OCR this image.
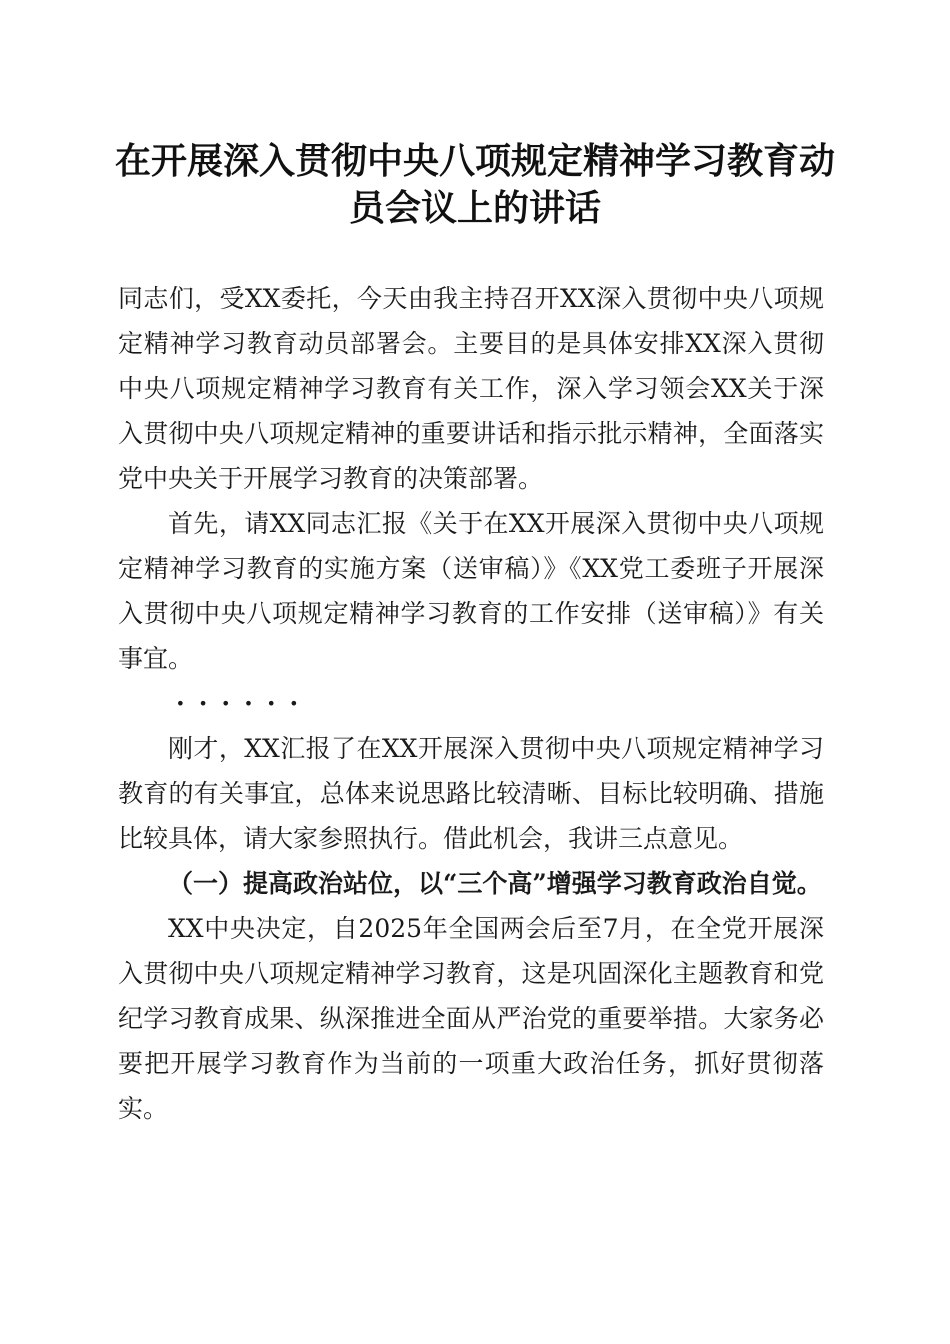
在开展深入贯彻中央八项规定精神学习教育动员会议上的讲话

同志们，受XX委托，今天由我主持召开XX深入贯彻中央八项规定精神学习教育动员部署会。主要目的是具体安排XX深入贯彻中央八项规定精神学习教育有关工作，深入学习领会XX关于深入贯彻中央八项规定精神的重要讲话和指示批示精神，全面落实党中央关于开展学习教育的决策部署。

首先，请XX同志汇报《关于在XX开展深入贯彻中央八项规定精神学习教育的实施方案（送审稿）》《XX党工委班子开展深入贯彻中央八项规定精神学习教育的工作安排（送审稿）》有关事宜。

······

刚才，XX汇报了在XX开展深入贯彻中央八项规定精神学习教育的有关事宜，总体来说思路比较清晰、目标比较明确、措施比较具体，请大家参照执行。借此机会，我讲三点意见。

（一）提高政治站位，以“三个高”增强学习教育政治自觉。

XX中央决定，自2025年全国两会后至7月，在全党开展深入贯彻中央八项规定精神学习教育，这是巩固深化主题教育和党纪学习教育成果、纵深推进全面从严治党的重要举措。大家务必要把开展学习教育作为当前的一项重大政治任务，抓好贯彻落实。
